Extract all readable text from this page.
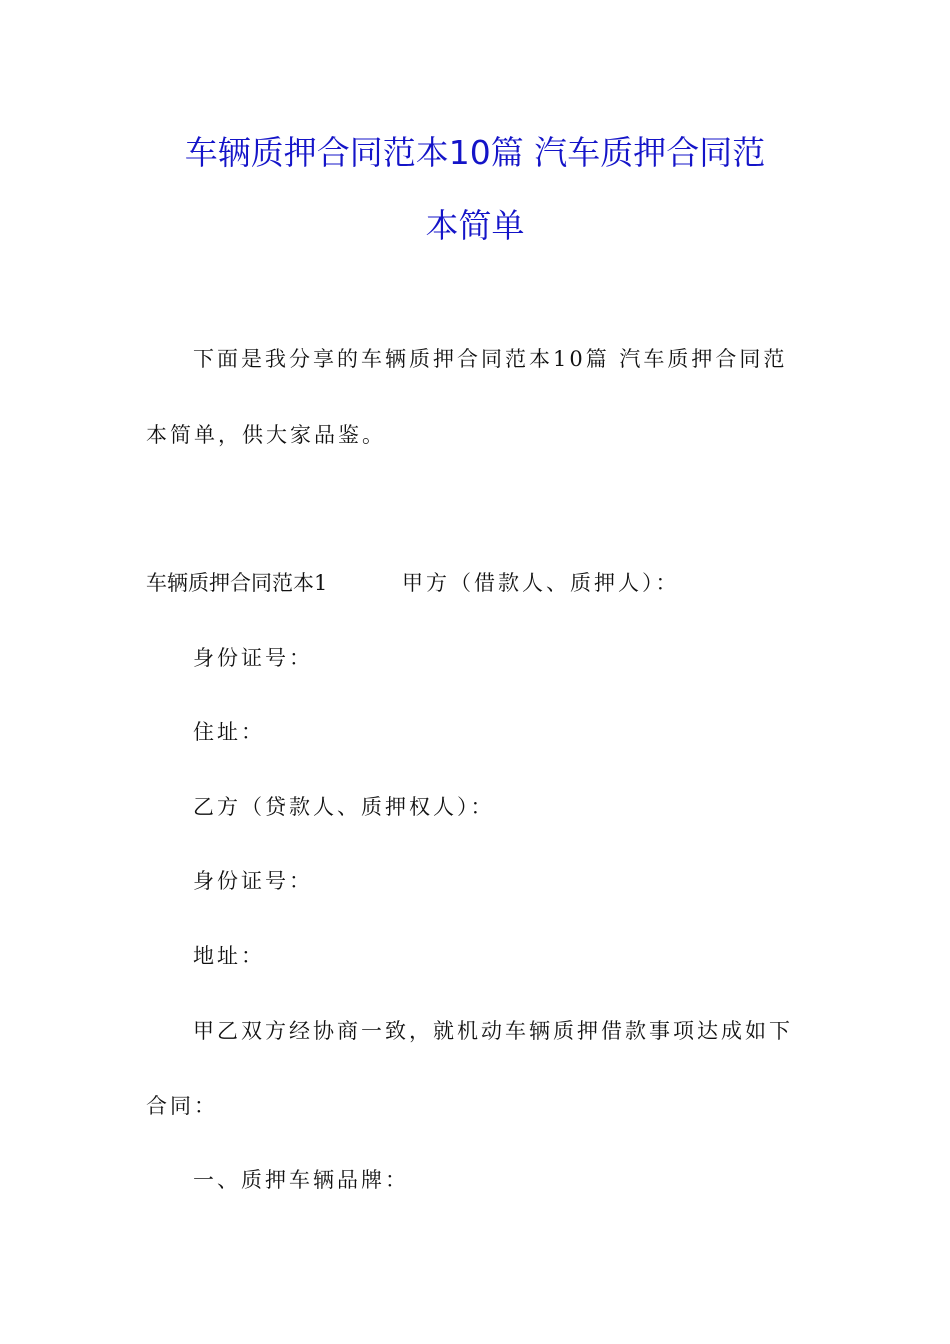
车辆质押合同范本10篇 汽车质押合同范
本简单
下面是我分享的车辆质押合同范本10篇 汽车质押合同范
本简单，供大家品鉴。
车辆质押合同范本1	甲方（借款人、质押人）：
身份证号：
住址：
乙方（贷款人、质押权人）：
身份证号：
地址：
甲乙双方经协商一致，就机动车辆质押借款事项达成如下
合同：
一、质押车辆品牌：
